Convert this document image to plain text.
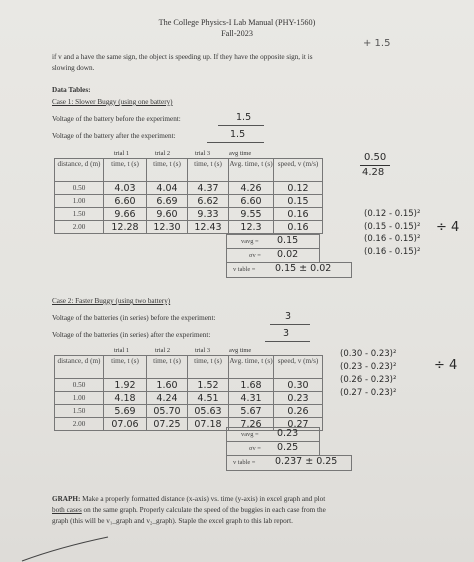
The College Physics-I Lab Manual (PHY-1560)
Fall-2023
+ 1.5
if v and a have the same sign, the object is speeding up. If they have the opposite sign, it is
slowing down.
Data Tables:
Case 1: Slower Buggy (using one battery)
Voltage of the battery before the experiment:	1.5
Voltage of the battery after the experiment:	1.5
trial 1	trial 2	trial 3	avg time
distance, d (m)	time, t (s)	time, t (s)	time, t (s)	Avg. time, t (s)	speed, v (m/s)
0.50	4.03	4.04	4.37	4.26	0.12
1.00	6.60	6.69	6.62	6.60	0.15
1.50	9.66	9.60	9.33	9.55	0.16
2.00	12.28	12.30	12.43	12.3	0.16
vavg = 0.15
σv = 0.02
v table = 0.15 ± 0.02
0.50
4.28
(0.12 - 0.15)²
(0.15 - 0.15)²
(0.16 - 0.15)²
(0.16 - 0.15)²
÷ 4
Case 2: Faster Buggy (using two battery)
Voltage of the batteries (in series) before the experiment:	3
Voltage of the batteries (in series) after the experiment:	3
trial 1	trial 2	trial 3	avg time
distance, d (m)	time, t (s)	time, t (s)	time, t (s)	Avg. time, t (s)	speed, v (m/s)
0.50	1.92	1.60	1.52	1.68	0.30
1.00	4.18	4.24	4.51	4.31	0.23
1.50	5.69	05.70	05.63	5.67	0.26
2.00	07.06	07.25	07.18	7.26	0.27
vavg = 0.23
σv = 0.25
v table = 0.237 ± 0.25
(0.30 - 0.23)²
(0.23 - 0.23)²
(0.26 - 0.23)²
(0.27 - 0.23)²
÷ 4
GRAPH: Make a properly formatted distance (x-axis) vs. time (y-axis) in excel graph and plot
both cases on the same graph. Properly calculate the speed of the buggies in each case from the
graph (this will be v₁_graph and v₂_graph). Staple the excel graph to this lab report.
